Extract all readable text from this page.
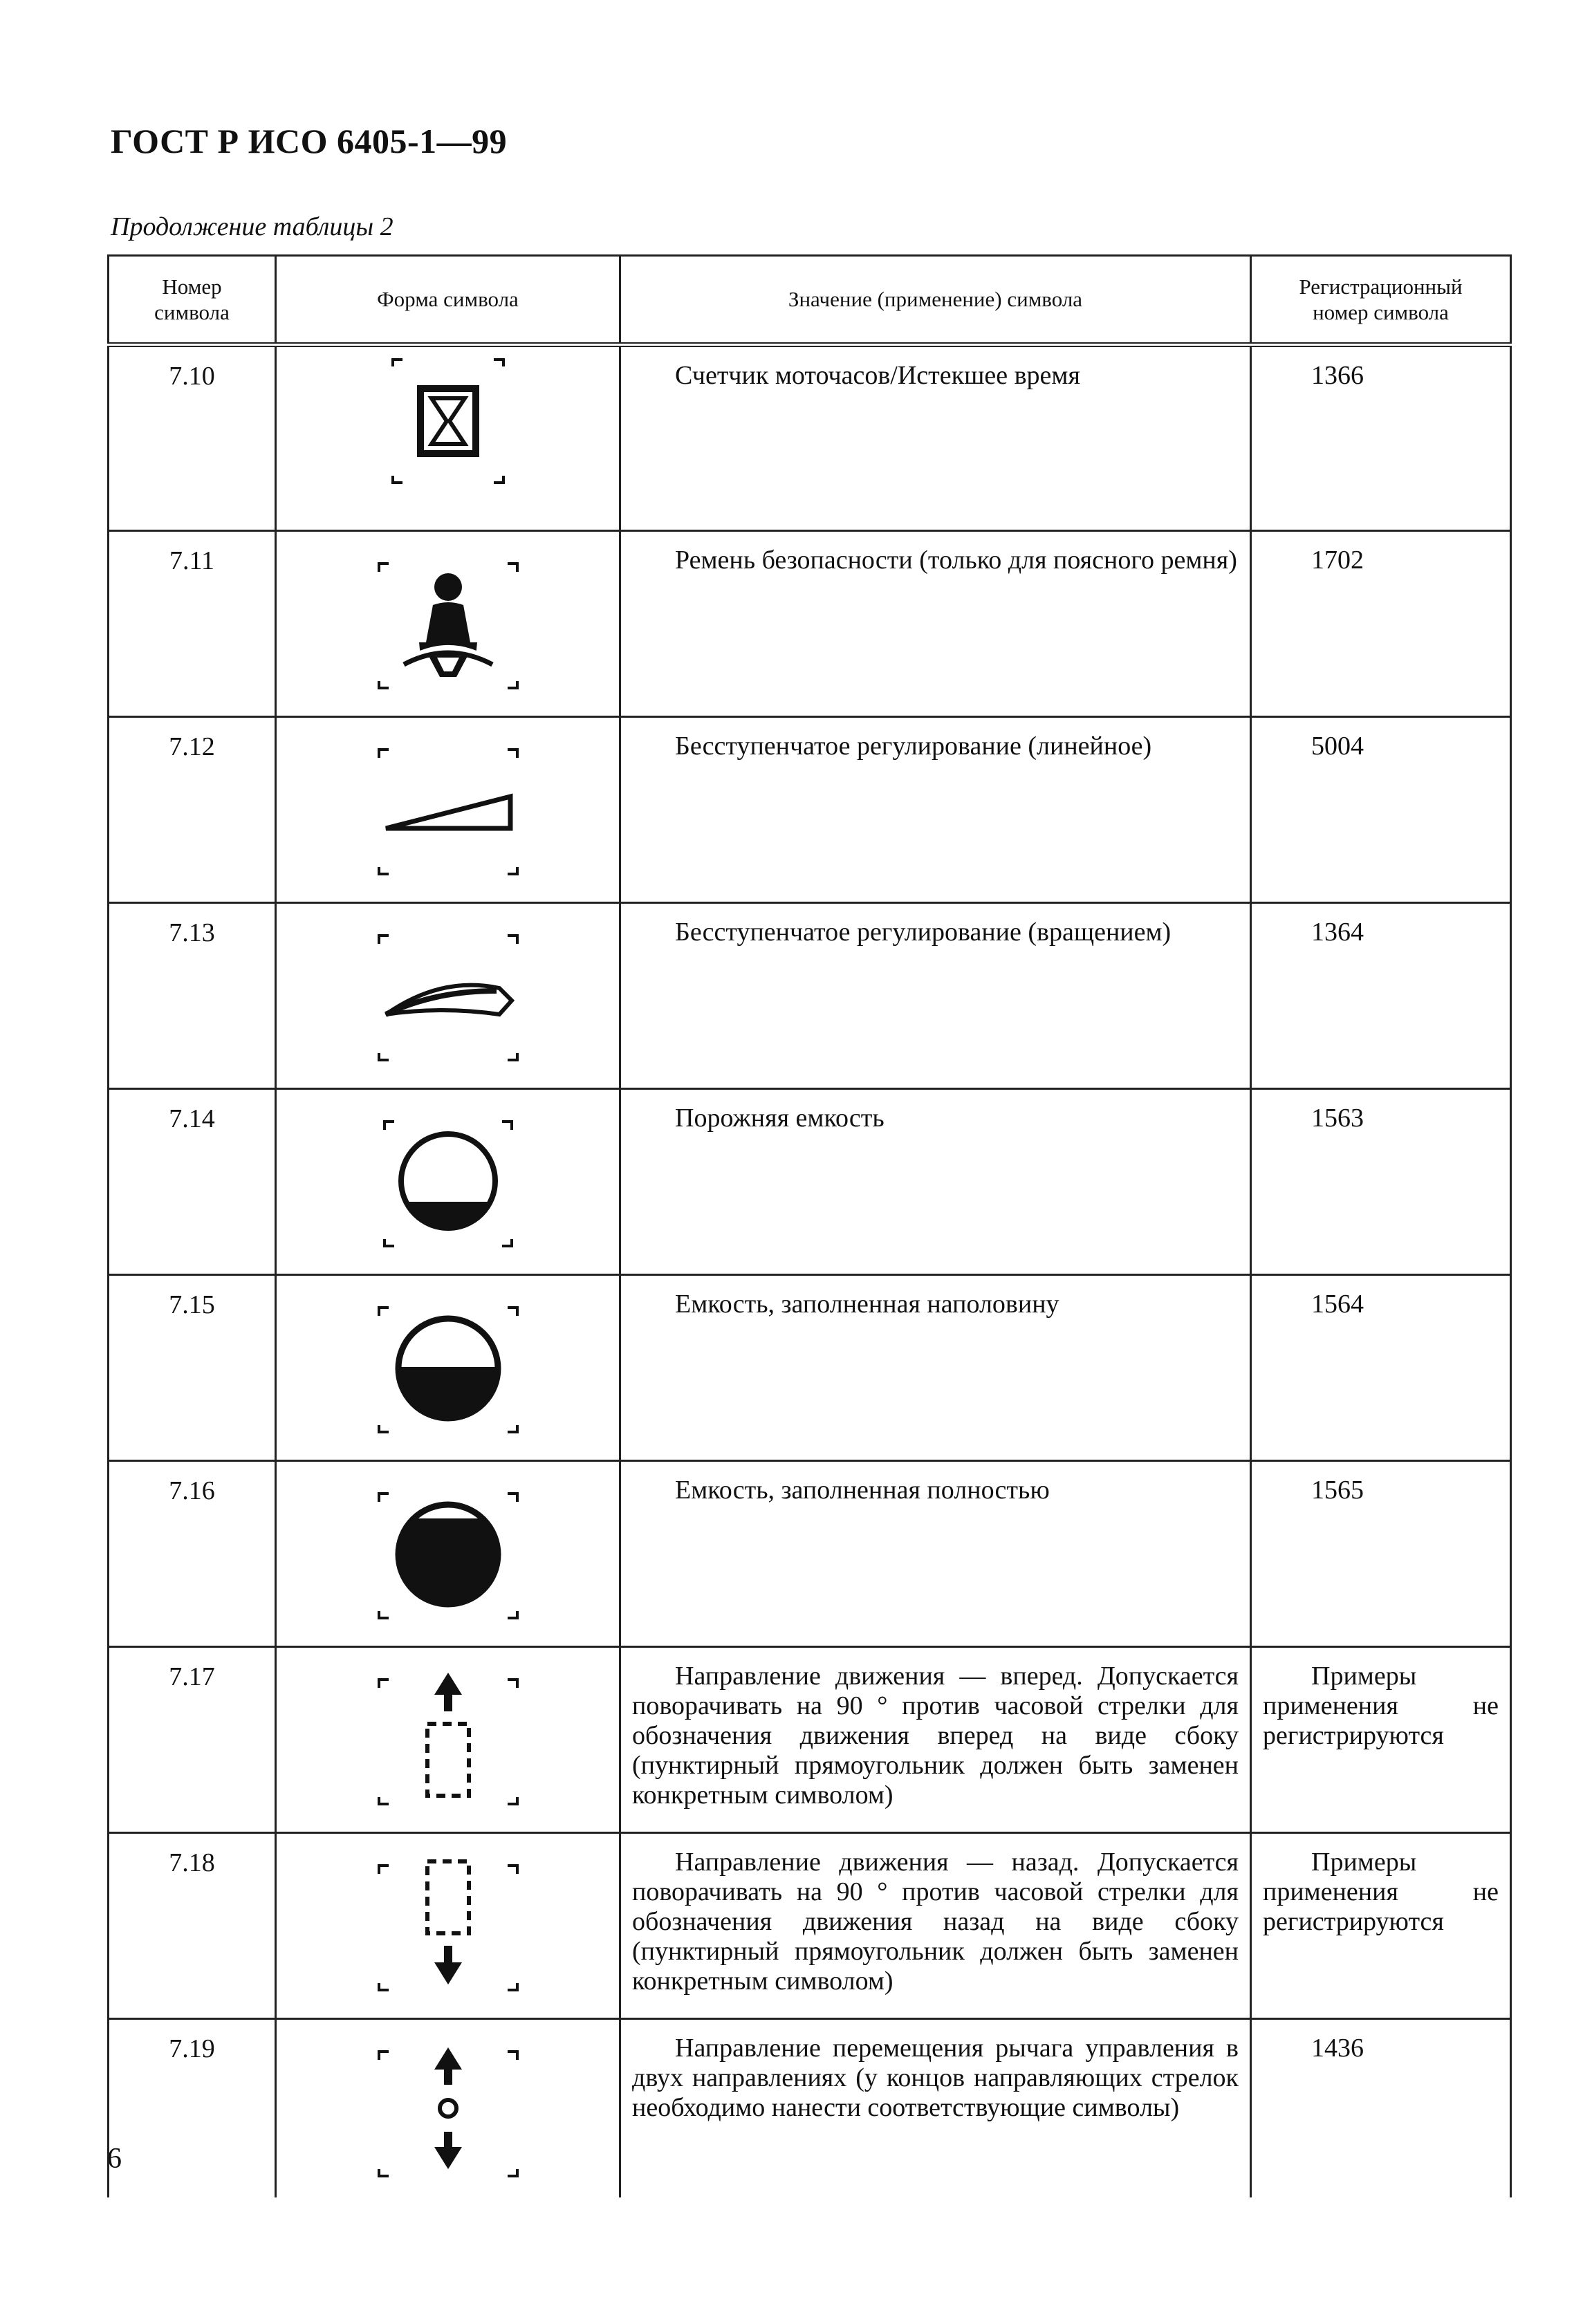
ГОСТ Р ИСО 6405-1—99
Продолжение таблицы 2
Номер символа	Форма символа	Значение (применение) символа	Регистрационный номер символа
7.10		Счетчик моточасов/Истекшее время	1366
7.11		Ремень безопасности (только для поясного ремня)	1702
7.12		Бесступенчатое регулирование (линейное)	5004
7.13		Бесступенчатое регулирование (вращением)	1364
7.14		Порожняя емкость	1563
7.15		Емкость, заполненная наполовину	1564
7.16		Емкость, заполненная полностью	1565
7.17		Направление движения — вперед. Допускается поворачивать на 90 ° против часовой стрелки для обозначения движения вперед на виде сбоку (пунктирный прямоугольник должен быть заменен конкретным символом)	Примеры применения не регистрируются
7.18		Направление движения — назад. Допускается поворачивать на 90 ° против часовой стрелки для обозначения движения назад на виде сбоку (пунктирный прямоугольник должен быть заменен конкретным символом)	Примеры применения не регистрируются
7.19		Направление перемещения рычага управления в двух направлениях (у концов направляющих стрелок необходимо нанести соответствующие символы)	1436
6
